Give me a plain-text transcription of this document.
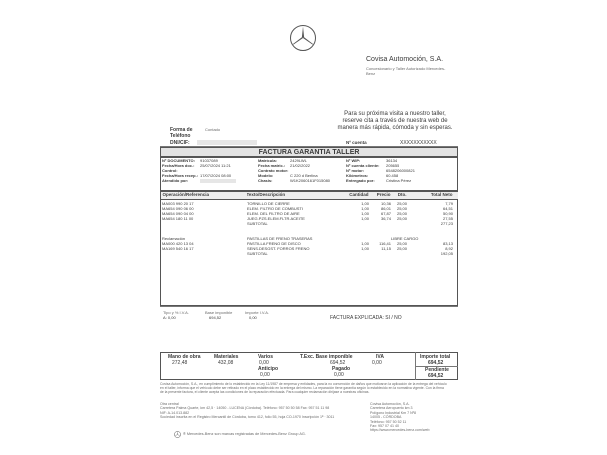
Covisa Automoción, S.A.
Concesionario y Taller Autorizado Mercedes-
Benz
Para su próxima visita a nuestro taller,
reserve cita a través de nuestra web de
manera más rápida, cómoda y sin esperas.
Forma de	Contado
Teléfono
DNI/CIF:	Nº cuenta	XXXXXXXXXXX
FACTURA GARANTIA TALLER
Nº DOCUMENTO:	91037089
Fecha/Hora doc.:	25/07/2024 11:21
Control:
Fecha/Hora recep.: 17/07/2024 08:00
Atendido por:
Matrícula:	2429LWL
Fecha matric.:	21/02/2022
Contrato motor:
Modelo:	C 220 d Berlina
Chasis:	W1K2060161F015080
Nº WIP:	36134
Nº cuenta cliente:	205655
Nº motor:	6548206000821
Kilómetros:	60.458
Entregado por:	Cristina Pérez
Operación/Referencia	Texto/Descripción	Cantidad	Precio	Dto.	Total Neto
MA003 990 20 17	TORNILLO DE CIERRE	1,00	10,36	25,00	7,79
MA654 090 06 00	ELEM. FILTRO DE COMBUSTI	1,00	86,01	25,00	64,51
MA654 090 04 00	ELEM. DEL FILTRO DE AIRE	1,00	67,87	25,00	50,90
MA654 180 11 00	JUEG.PZS.ELEM.FLTR.ACEITE	1,00	36,74	25,00	27,55
SUBTOTAL	277,23
Reclamación	PASTILLAS DE FRENO TRASERAS	LIBRE CARGO
MA000 420 13 04	PASTILLA FRENO DE DISCO	1,00	116,41	25,00	83,13
MA169 540 16 17	SENS.DESGST. FORROS FRENO	1,00	11,15	25,00	8,92
SUBTOTAL	192,05
Tipo y % I.V.A.	Base imponible	Importe I.V.A.
A: 0,00	694,52	0,00	FACTURA EXPLICADA: SI / NO
Mano de obra
272,48
Materiales
432,08
Varios
0,00
T.Exc. Base imponible
694,52
IVA
0,00
Importe total
694,52
Anticipo
0,00
Pagado
0,00
Pendiente
694,52
Covisa Automoción, S.A., en cumplimiento de lo establecido en la Ley 11/1987 de empresa y entidades, para la no convención de daños que motivaron la aplicación de la entrega del vehículo
en el taller, informa que el vehículo debe ser retirado en el plazo establecido en la entrega del mismo. La reparación tiene garantía según lo establecido en la normativa vigente. Con la firma
de la presente factura, el cliente acepta las condiciones de la reparación efectuada. Para cualquier reclamación diríjase a nuestras oficinas.
Otra central
Carretera Palma Quarte, km 42,5 · 14050 - LUCENA (Córdoba). Teléfono: 957 50 50 58 Fax: 957 51 11 98
NIF: A-14.013.882
Sociedad inscrita en el Registro Mercantil de Córdoba, tomo 412, folio 55, hoja CO-1970 Inscripción 1ª · 3011
Covisa Automoción, S.A.
Carretera Aeropuerto km 3
Polígono Industrial Km 7 Nº8
14005 - CÓRDOBA
Teléfono: 957 50 52 11
Fax: 957 07 41 40
https://www.mercedes-benz.com/web
® Mercedes-Benz son marcas registradas de Mercedes-Benz Group AG.
